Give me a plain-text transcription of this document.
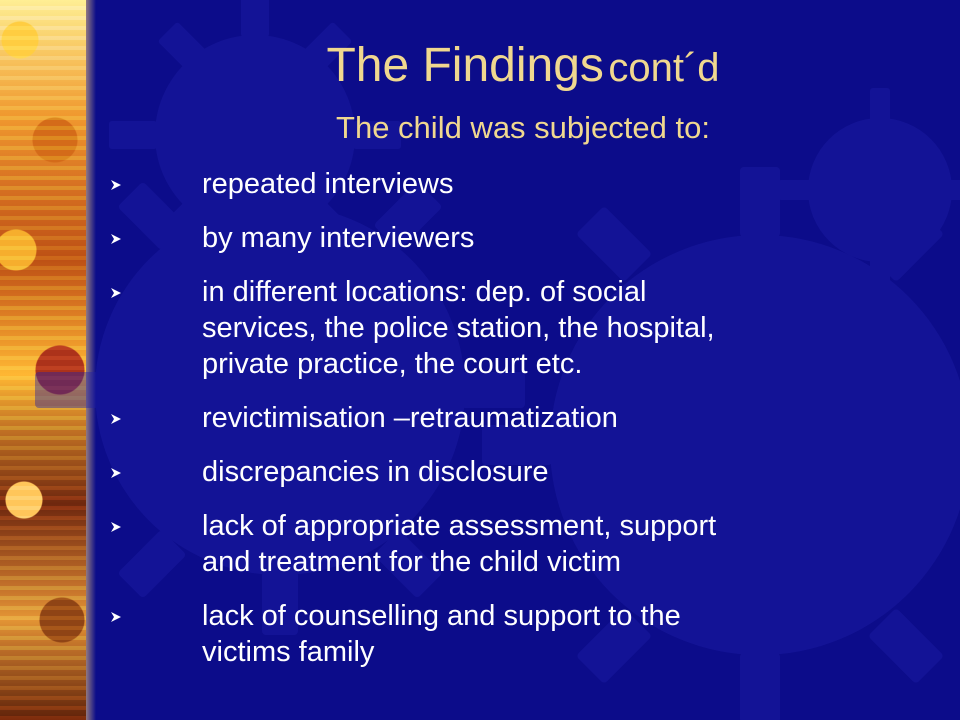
The Findings cont´d
The child was subjected to:
repeated interviews
by many interviewers
in different locations: dep. of social
services, the police station, the hospital,
private practice, the court etc.
revictimisation –retraumatization
discrepancies in disclosure
lack of appropriate assessment, support
and treatment for the child victim
lack of counselling and support to the
victims family
